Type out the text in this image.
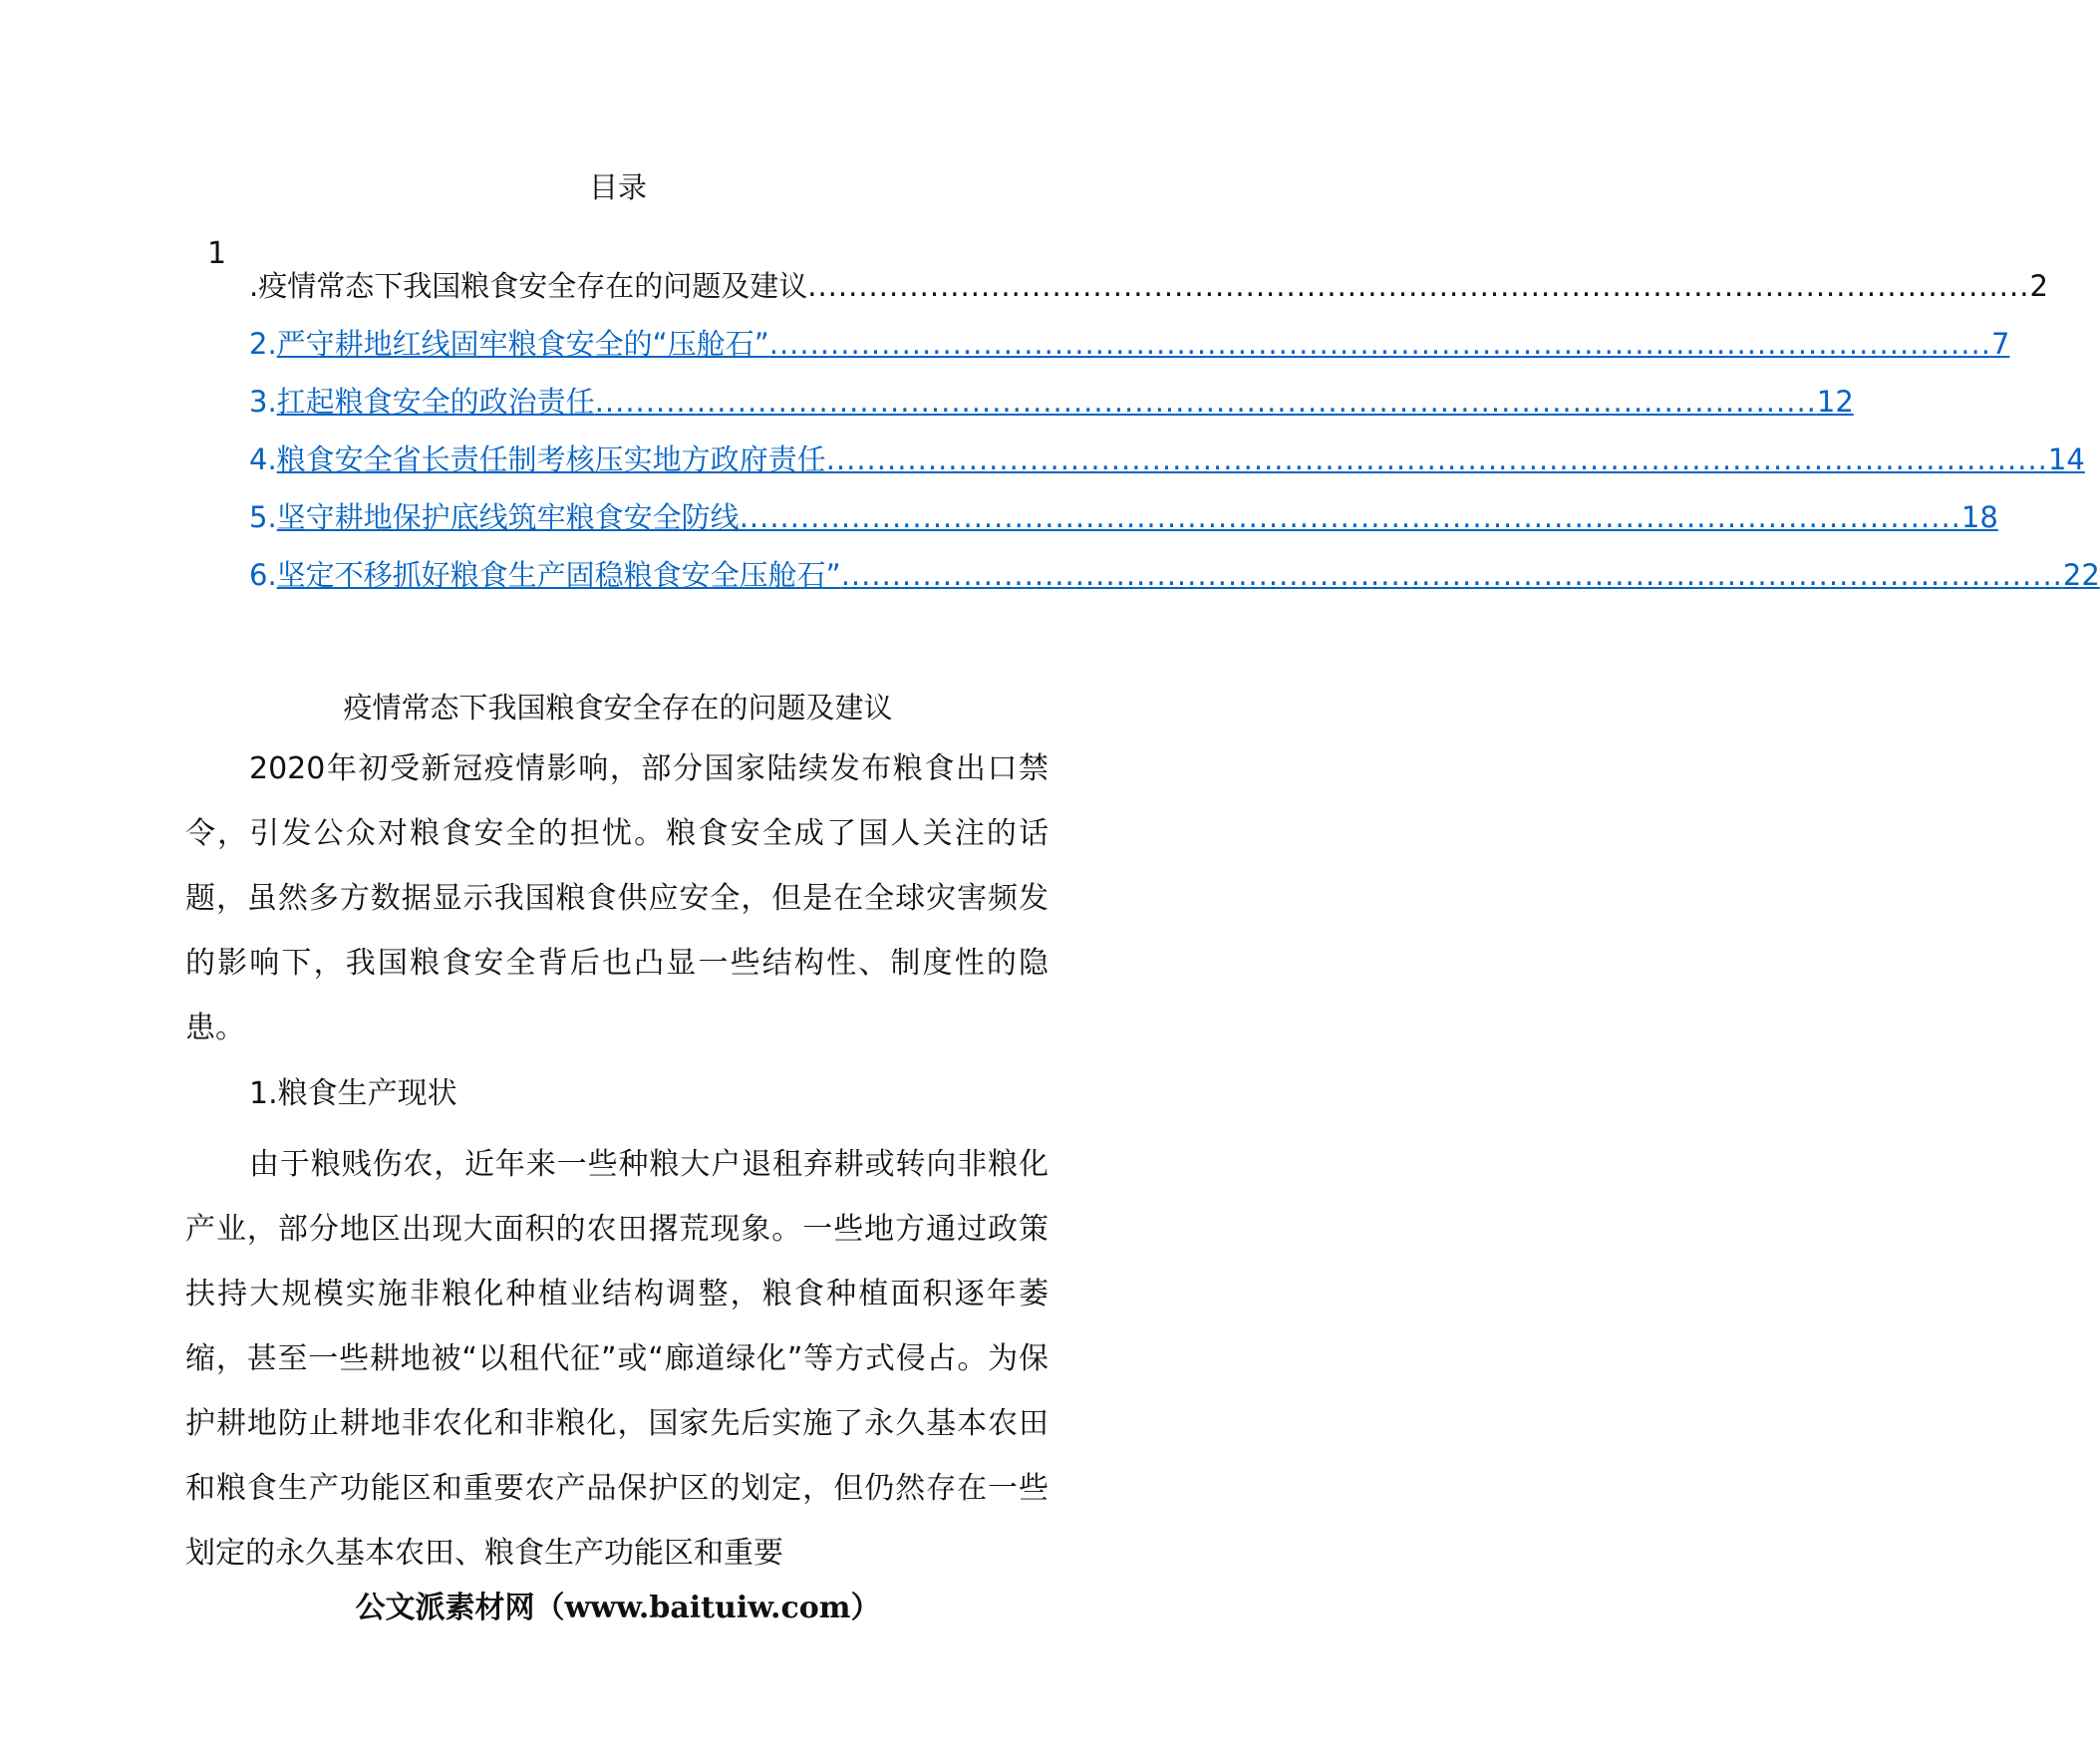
目录
1
. 疫情常态下我国粮食安全存在的问题及建议 ........................................................................................................................ 2
2. 严守耕地红线固牢粮食安全的“压舱石” ........................................................................................................................ 7
3. 扛起粮食安全的政治责任 ........................................................................................................................ 12
4. 粮食安全省长责任制考核压实地方政府责任 ........................................................................................................................ 14
5. 坚守耕地保护底线筑牢粮食安全防线 ........................................................................................................................ 18
6. 坚定不移抓好粮食生产固稳粮食安全压舱石” ........................................................................................................................ 22
疫情常态下我国粮食安全存在的问题及建议

2020年初受新冠疫情影响，部分国家陆续发布粮食出口禁令，引发公众对粮食安全的担忧。粮食安全成了国人关注的话题，虽然多方数据显示我国粮食供应安全，但是在全球灾害频发的影响下，我国粮食安全背后也凸显一些结构性、制度性的隐患。

1.粮食生产现状

由于粮贱伤农，近年来一些种粮大户退租弃耕或转向非粮化产业，部分地区出现大面积的农田撂荒现象。一些地方通过政策扶持大规模实施非粮化种植业结构调整，粮食种植面积逐年萎缩，甚至一些耕地被“以租代征”或“廊道绿化”等方式侵占。为保护耕地防止耕地非农化和非粮化，国家先后实施了永久基本农田和粮食生产功能区和重要农产品保护区的划定，但仍然存在一些划定的永久基本农田、粮食生产功能区和重要

公文派素材网（www.baituiw.com）
